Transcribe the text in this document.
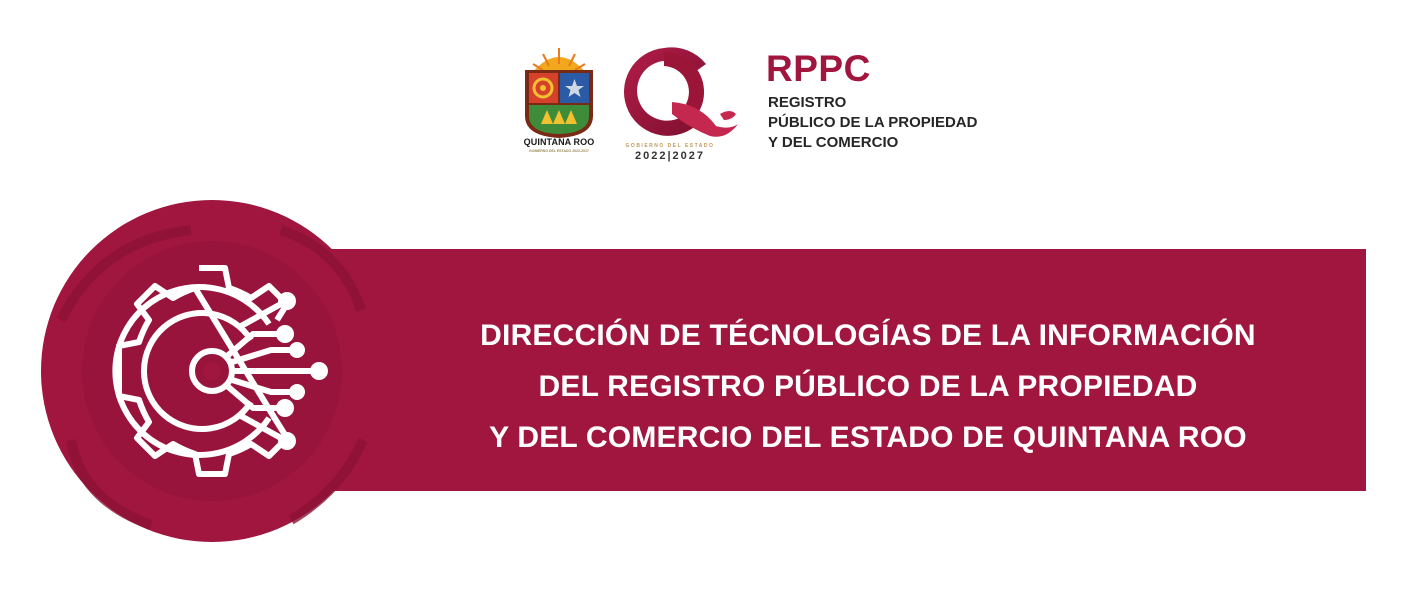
QUINTANA ROO
GOBIERNO DEL ESTADO 2022-2027
GOBIERNO DEL ESTADO
2022|2027
RPPC
REGISTRO
PÚBLICO DE LA PROPIEDAD
Y DEL COMERCIO
DIRECCIÓN DE TÉCNOLOGÍAS DE LA INFORMACIÓN
DEL REGISTRO PÚBLICO DE LA PROPIEDAD
Y DEL COMERCIO DEL ESTADO DE QUINTANA ROO
